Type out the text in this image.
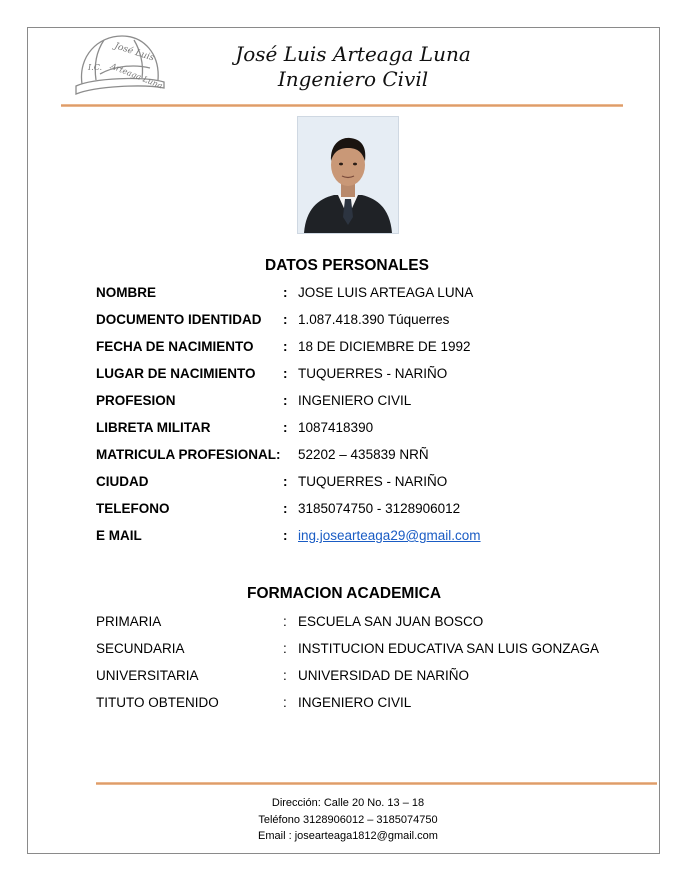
José Luis
I.C. Arteaga Luna
José Luis Arteaga Luna
Ingeniero Civil
DATOS PERSONALES
NOMBRE	: JOSE LUIS ARTEAGA LUNA
DOCUMENTO IDENTIDAD : 1.087.418.390 Túquerres
FECHA DE NACIMIENTO : 18 DE DICIEMBRE DE 1992
LUGAR DE NACIMIENTO : TUQUERRES - NARIÑO
PROFESION	: INGENIERO CIVIL
LIBRETA MILITAR	: 1087418390
MATRICULA PROFESIONAL: 52202 – 435839 NRÑ
CIUDAD	: TUQUERRES - NARIÑO
TELEFONO	: 3185074750 - 3128906012
E MAIL	: ing.josearteaga29@gmail.com
FORMACION ACADEMICA
PRIMARIA	: ESCUELA SAN JUAN BOSCO
SECUNDARIA	: INSTITUCION EDUCATIVA SAN LUIS GONZAGA
UNIVERSITARIA	: UNIVERSIDAD DE NARIÑO
TITUTO OBTENIDO	: INGENIERO CIVIL
Dirección: Calle 20 No. 13 – 18
Teléfono 3128906012 – 3185074750
Email : josearteaga1812@gmail.com
